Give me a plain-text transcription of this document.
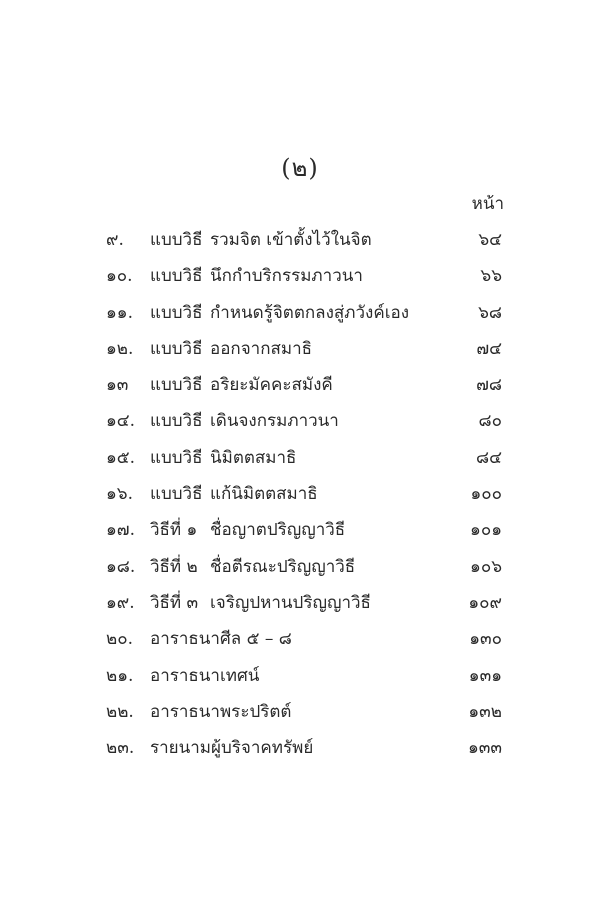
(๒)
หน้า
๙.	แบบวิธี รวมจิต เข้าตั้งไว้ในจิต	๖๔
๑๐.	แบบวิธี นึกกำบริกรรมภาวนา	๖๖
๑๑.	แบบวิธี กำหนดรู้จิตตกลงสู่ภวังค์เอง	๖๘
๑๒. แบบวิธี ออกจากสมาธิ	๗๔
๑๓	แบบวิธี อริยะมัคคะสมังคี	๗๘
๑๔. แบบวิธี เดินจงกรมภาวนา	๘๐
๑๕. แบบวิธี นิมิตตสมาธิ	๘๔
๑๖.	แบบวิธี แก้นิมิตตสมาธิ	๑๐๐
๑๗. วิธีที่ ๑ ชื่อญาตปริญญาวิธี	๑๐๑
๑๘. วิธีที่ ๒ ชื่อตีรณะปริญญาวิธี	๑๐๖
๑๙. วิธีที่ ๓ เจริญปหานปริญญาวิธี	๑๐๙
๒๐.	อาราธนาศีล ๕ – ๘	๑๓๐
๒๑. อาราธนาเทศน์	๑๓๑
๒๒. อาราธนาพระปริตต์	๑๓๒
๒๓. รายนามผู้บริจาคทรัพย์	๑๓๓
